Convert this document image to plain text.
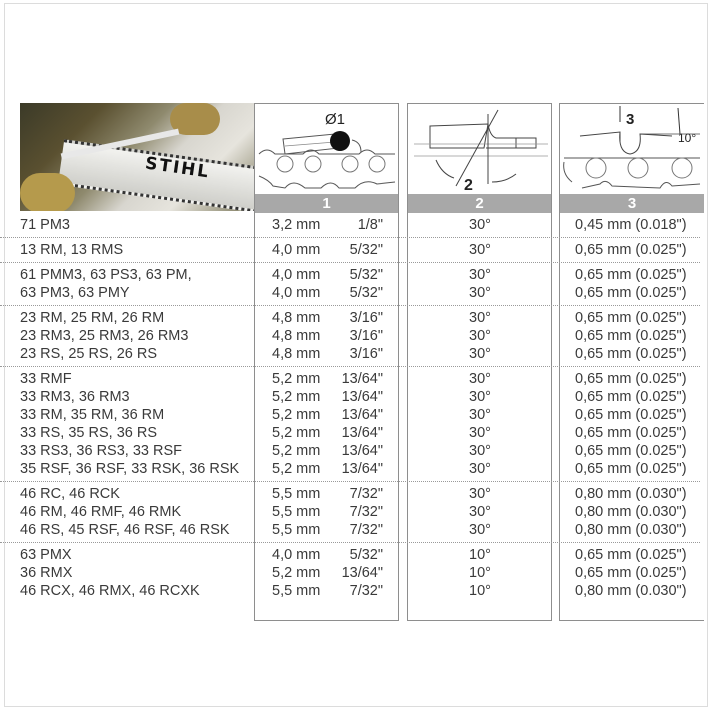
STIHL
Ø1
1
2
2
3
10°
3
71 PM3	3,2 mm	1/8"	30°	0,45 mm (0.018")
13 RM, 13 RMS	4,0 mm 5/32"	30°	0,65 mm (0.025")
61 PMM3, 63 PS3, 63 PM,	4,0 mm 5/32"	30°	0,65 mm (0.025")
63 PM3, 63 PMY	4,0 mm 5/32"	30°	0,65 mm (0.025")
23 RM, 25 RM, 26 RM	4,8 mm 3/16"	30°	0,65 mm (0.025")
23 RM3, 25 RM3, 26 RM3	4,8 mm 3/16"	30°	0,65 mm (0.025")
23 RS, 25 RS, 26 RS	4,8 mm 3/16"	30°	0,65 mm (0.025")
33 RMF	5,2 mm 13/64"	30°	0,65 mm (0.025")
33 RM3, 36 RM3	5,2 mm 13/64"	30°	0,65 mm (0.025")
33 RM, 35 RM, 36 RM	5,2 mm 13/64"	30°	0,65 mm (0.025")
33 RS, 35 RS, 36 RS	5,2 mm 13/64"	30°	0,65 mm (0.025")
33 RS3, 36 RS3, 33 RSF	5,2 mm 13/64"	30°	0,65 mm (0.025")
35 RSF, 36 RSF, 33 RSK, 36 RSK 5,2 mm 13/64"	30°	0,65 mm (0.025")
46 RC, 46 RCK	5,5 mm 7/32"	30°	0,80 mm (0.030")
46 RM, 46 RMF, 46 RMK	5,5 mm 7/32"	30°	0,80 mm (0.030")
46 RS, 45 RSF, 46 RSF, 46 RSK	5,5 mm 7/32"	30°	0,80 mm (0.030")
63 PMX	4,0 mm 5/32"	10°	0,65 mm (0.025")
36 RMX	5,2 mm 13/64"	10°	0,65 mm (0.025")
46 RCX, 46 RMX, 46 RCXK	5,5 mm 7/32"	10°	0,80 mm (0.030")
